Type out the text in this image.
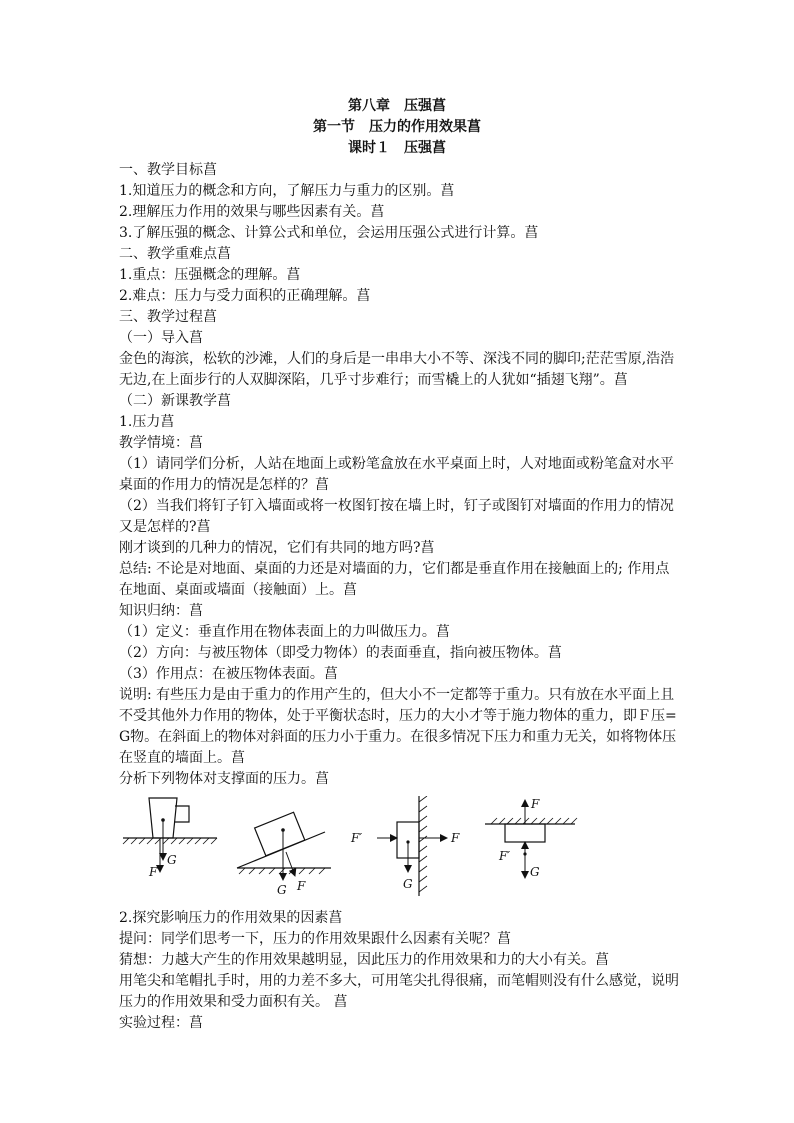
第八章　压强菖
第一节　压力的作用效果菖
课时１　压强菖

一、教学目标菖

1.知道压力的概念和方向，了解压力与重力的区别。菖

2.理解压力作用的效果与哪些因素有关。菖

3.了解压强的概念、计算公式和单位，会运用压强公式进行计算。菖

二、教学重难点菖

1.重点：压强概念的理解。菖

2.难点：压力与受力面积的正确理解。菖

三、教学过程菖

（一）导入菖

金色的海滨，松软的沙滩，人们的身后是一串串大小不等、深浅不同的脚印;茫茫雪原,浩浩无边,在上面步行的人双脚深陷，几乎寸步难行；而雪橇上的人犹如“插翅飞翔”。菖

（二）新课教学菖

1.压力菖

教学情境：菖

（1）请同学们分析，人站在地面上或粉笔盒放在水平桌面上时，人对地面或粉笔盒对水平桌面的作用力的情况是怎样的？菖

（2）当我们将钉子钉入墙面或将一枚图钉按在墙上时，钉子或图钉对墙面的作用力的情况又是怎样的?菖

刚才谈到的几种力的情况，它们有共同的地方吗?菖

总结: 不论是对地面、桌面的力还是对墙面的力，它们都是垂直作用在接触面上的; 作用点在地面、桌面或墙面（接触面）上。菖

知识归纳：菖

（1）定义：垂直作用在物体表面上的力叫做压力。菖

（2）方向：与被压物体（即受力物体）的表面垂直，指向被压物体。菖

（3）作用点：在被压物体表面。菖

说明: 有些压力是由于重力的作用产生的，但大小不一定都等于重力。只有放在水平面上且不受其他外力作用的物体，处于平衡状态时，压力的大小才等于施力物体的重力，即Ｆ压=G物。在斜面上的物体对斜面的压力小于重力。在很多情况下压力和重力无关，如将物体压在竖直的墙面上。菖

分析下列物体对支撑面的压力。菖

F
G
G F
F′	F
G
F
F′
G

2.探究影响压力的作用效果的因素菖

提问：同学们思考一下，压力的作用效果跟什么因素有关呢？菖

猜想：力越大产生的作用效果越明显，因此压力的作用效果和力的大小有关。菖

用笔尖和笔帽扎手时，用的力差不多大，可用笔尖扎得很痛，而笔帽则没有什么感觉，说明压力的作用效果和受力面积有关。 菖

实验过程：菖
